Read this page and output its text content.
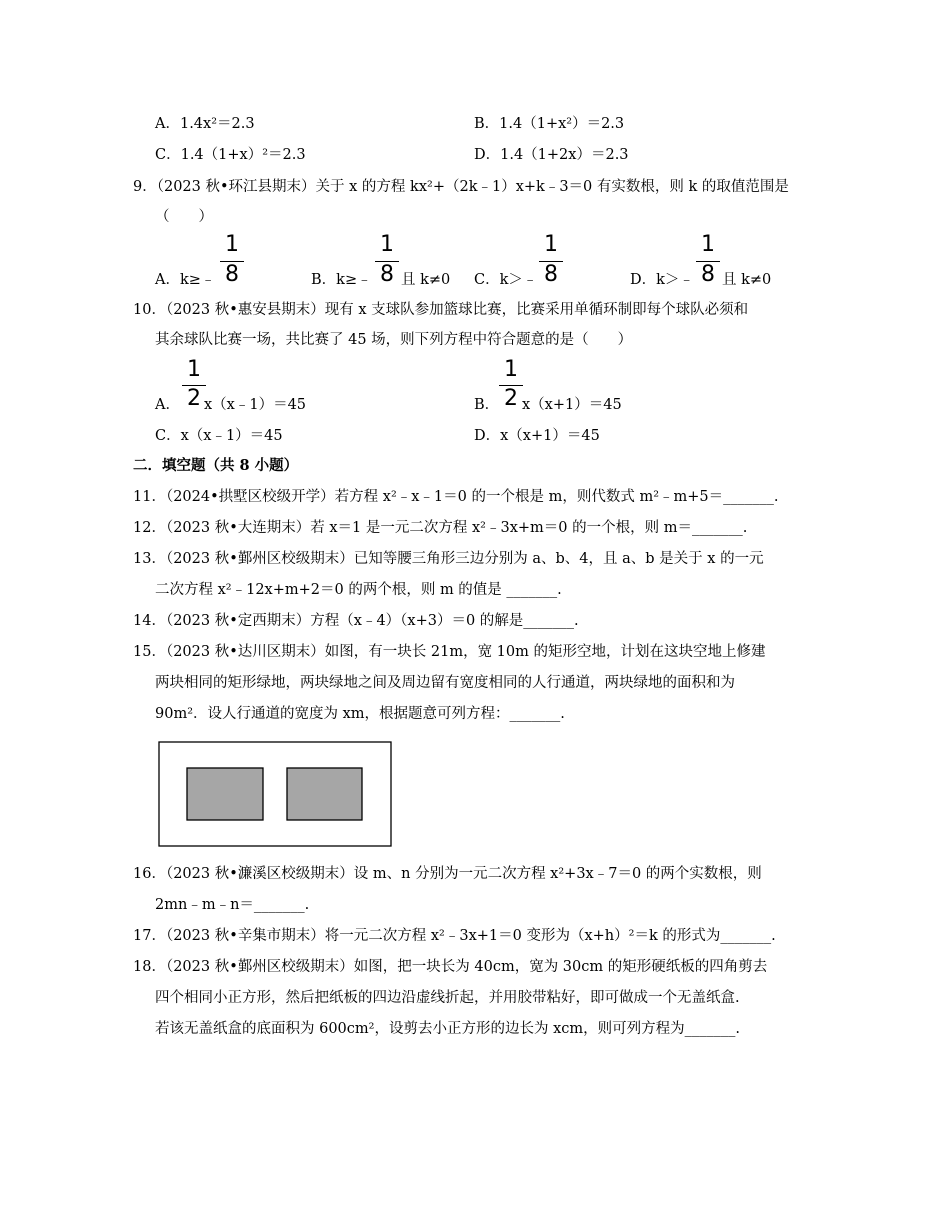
A．1.4x²＝2.3	B．1.4（1+x²）＝2.3
C．1.4（1+x）²＝2.3	D．1.4（1+2x）＝2.3
9．（2023 秋•环江县期末）关于 x 的方程 kx²+（2k﹣1）x+k﹣3＝0 有实数根，则 k 的取值范围是
（　　）
A．k≥﹣
1
8	B．k≥﹣
1
8 且 k≠0 C．k＞﹣
1
8	D．k＞﹣
1
8 且 k≠0
10．（2023 秋•惠安县期末）现有 x 支球队参加篮球比赛，比赛采用单循环制即每个球队必须和
其余球队比赛一场，共比赛了 45 场，则下列方程中符合题意的是（　　）
A．
1
2 x（x﹣1）＝45	B．
1
2 x（x+1）＝45
C．x（x﹣1）＝45	D．x（x+1）＝45
二．填空题（共 8 小题）
11．（2024•拱墅区校级开学）若方程 x²﹣x﹣1＝0 的一个根是 m，则代数式 m²﹣m+5＝_______.
12．（2023 秋•大连期末）若 x＝1 是一元二次方程 x²﹣3x+m＝0 的一个根，则 m＝_______.
13．（2023 秋•鄞州区校级期末）已知等腰三角形三边分别为 a、b、4，且 a、b 是关于 x 的一元
二次方程 x²﹣12x+m+2＝0 的两个根，则 m 的值是 _______.
14．（2023 秋•定西期末）方程（x﹣4）（x+3）＝0 的解是_______.
15．（2023 秋•达川区期末）如图，有一块长 21m，宽 10m 的矩形空地，计划在这块空地上修建
两块相同的矩形绿地，两块绿地之间及周边留有宽度相同的人行通道，两块绿地的面积和为
90m²．设人行通道的宽度为 xm，根据题意可列方程：_______.
16．（2023 秋•濂溪区校级期末）设 m、n 分别为一元二次方程 x²+3x﹣7＝0 的两个实数根，则
2mn﹣m﹣n＝_______.
17．（2023 秋•辛集市期末）将一元二次方程 x²﹣3x+1＝0 变形为（x+h）²＝k 的形式为_______.
18．（2023 秋•鄞州区校级期末）如图，把一块长为 40cm，宽为 30cm 的矩形硬纸板的四角剪去
四个相同小正方形，然后把纸板的四边沿虚线折起，并用胶带粘好，即可做成一个无盖纸盒.
若该无盖纸盒的底面积为 600cm²，设剪去小正方形的边长为 xcm，则可列方程为_______.
